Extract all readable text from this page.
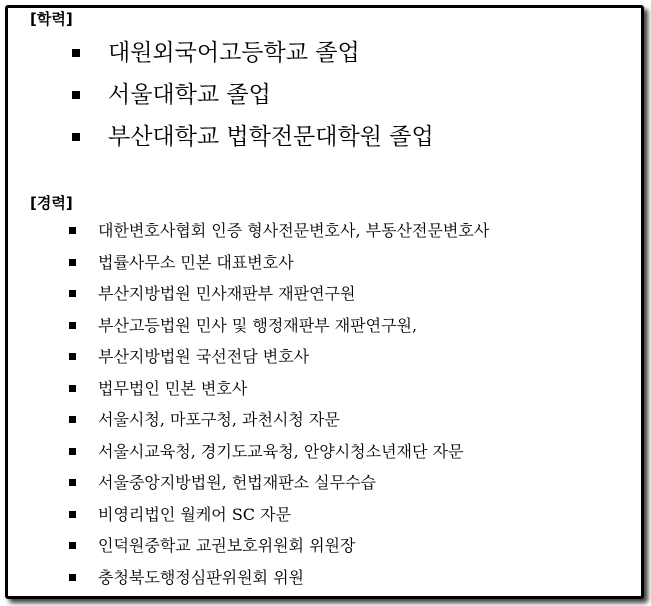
[학력]
대원외국어고등학교 졸업
서울대학교 졸업
부산대학교 법학전문대학원 졸업
[경력]
대한변호사협회 인증 형사전문변호사, 부동산전문변호사
법률사무소 민본 대표변호사
부산지방법원 민사재판부 재판연구원
부산고등법원 민사 및 행정재판부 재판연구원,
부산지방법원 국선전담 변호사
법무법인 민본 변호사
서울시청, 마포구청, 과천시청 자문
서울시교육청, 경기도교육청, 안양시청소년재단 자문
서울중앙지방법원, 헌법재판소 실무수습
비영리법인 월케어 SC 자문
인덕원중학교 교권보호위원회 위원장
충청북도행정심판위원회 위원
